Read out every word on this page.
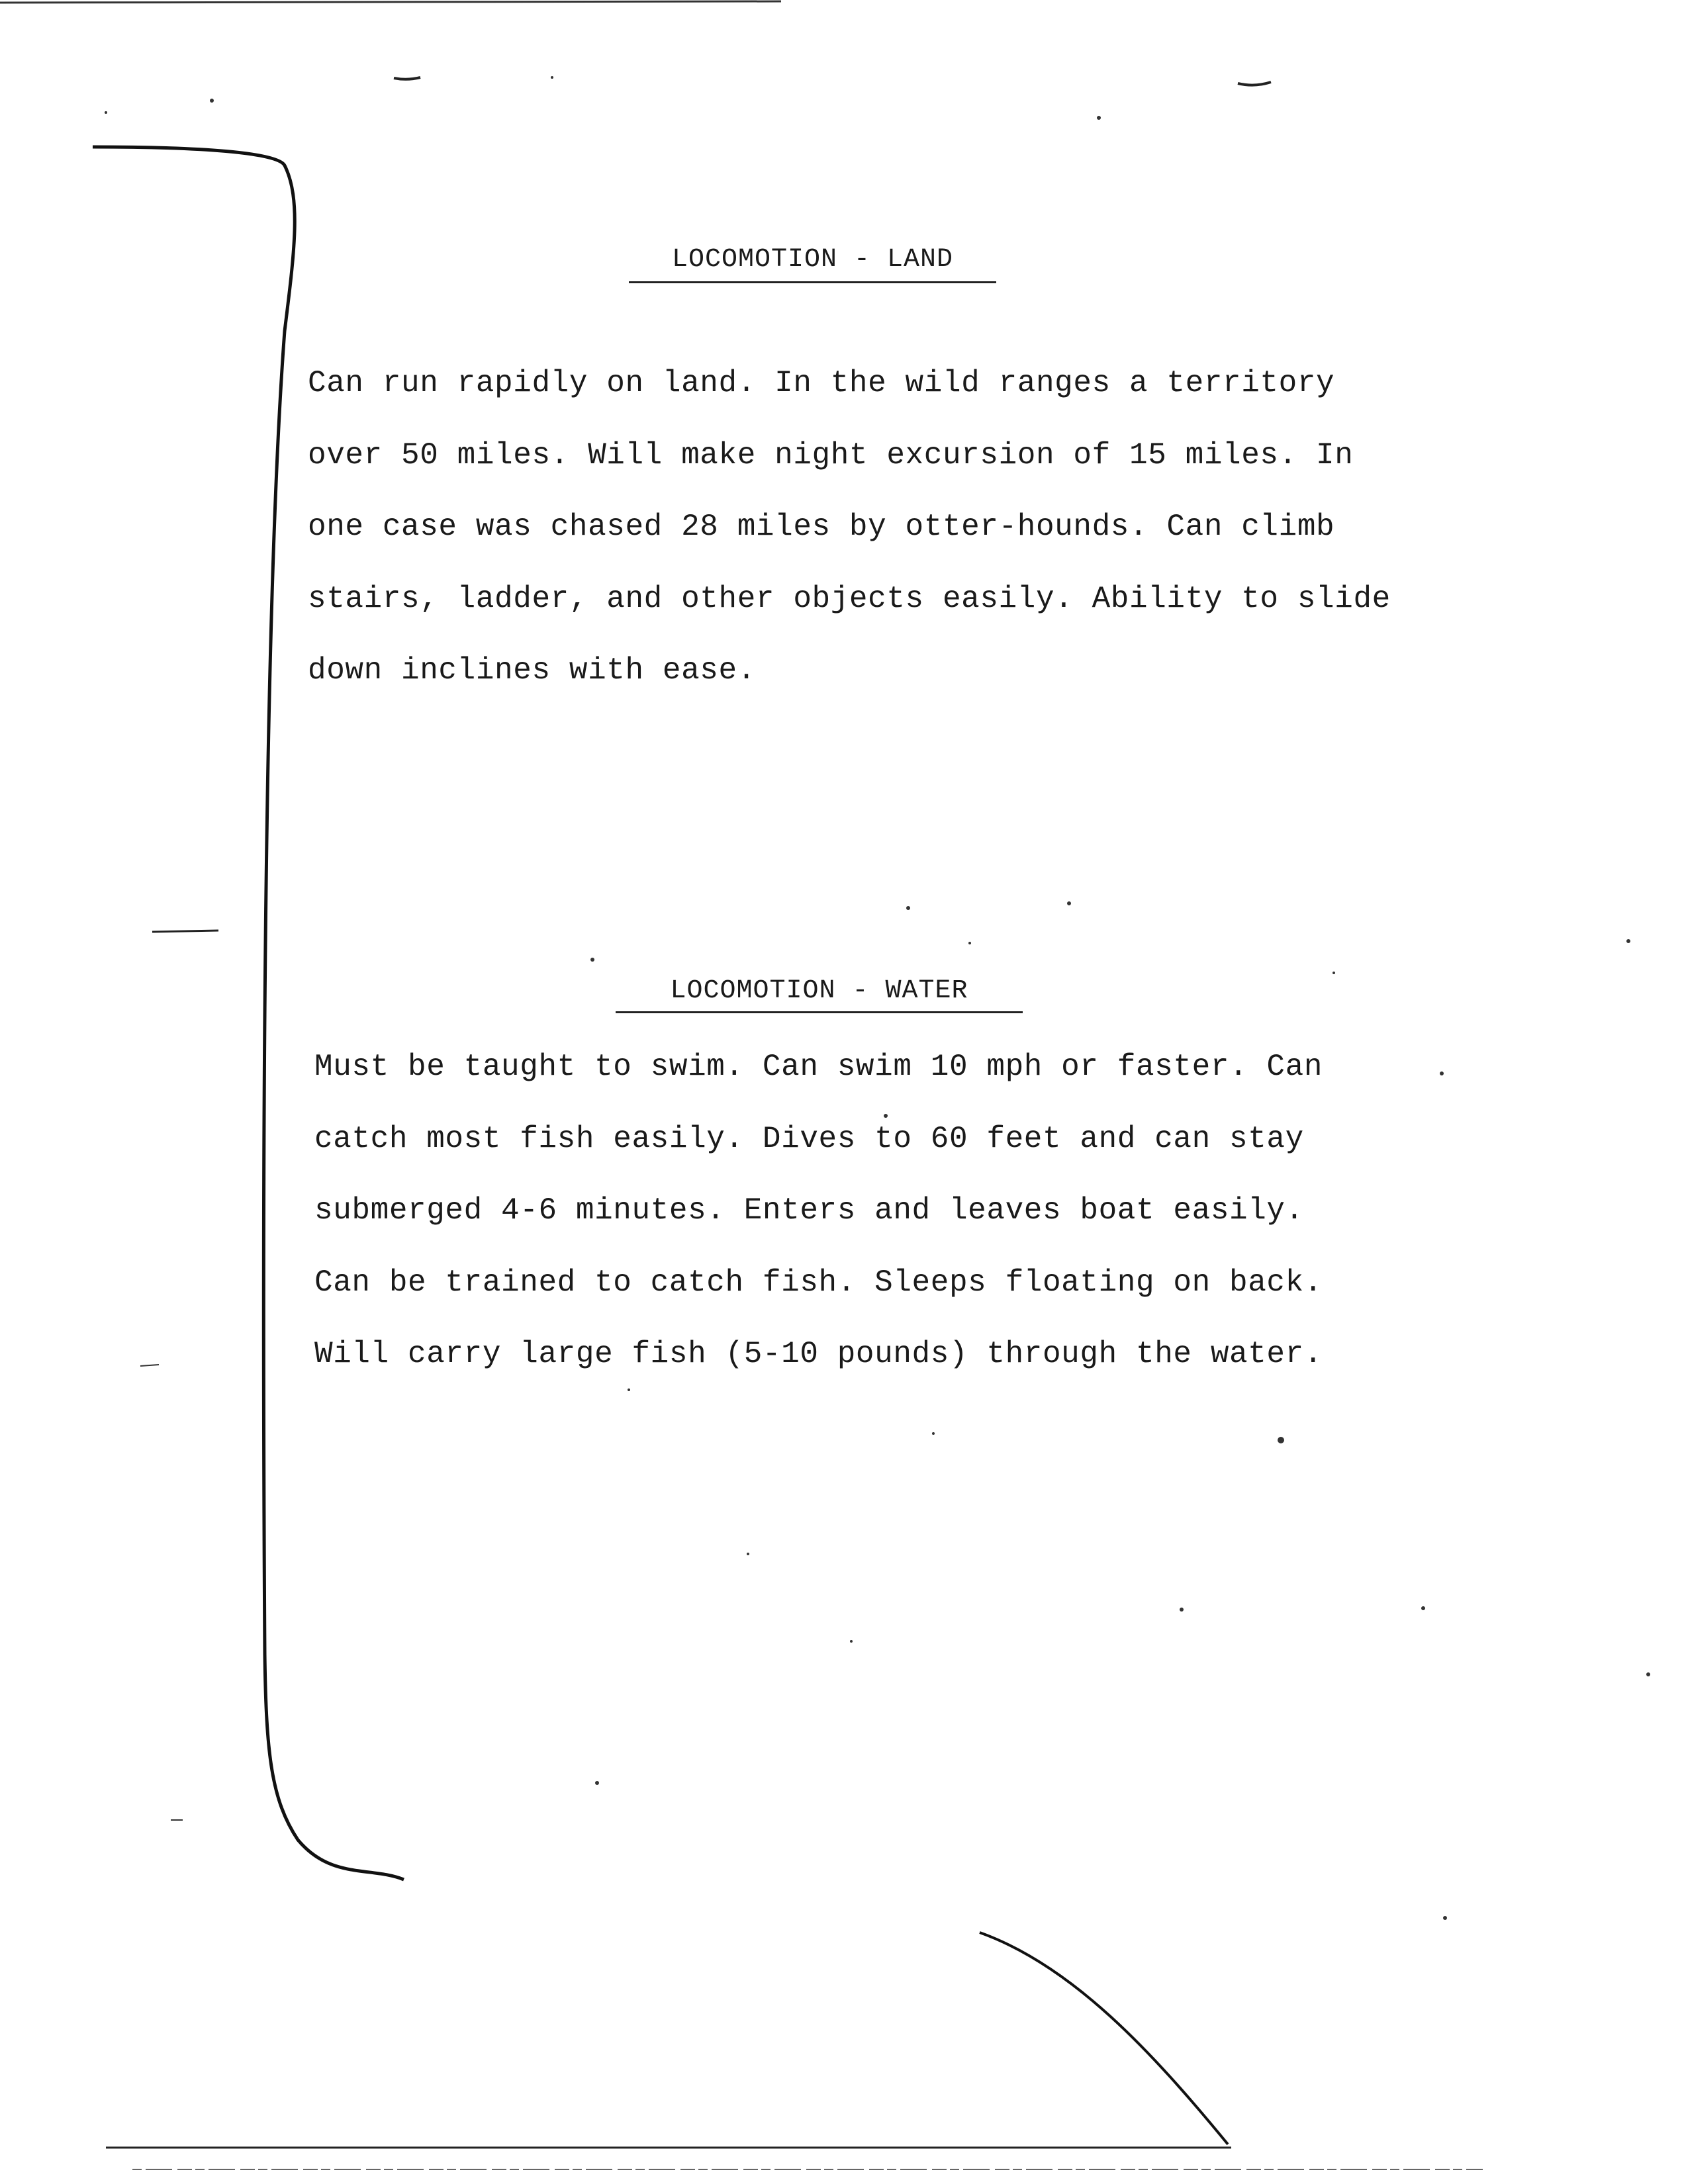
LOCOMOTION - LAND
Can run rapidly on land. In the wild ranges a territory
over 50 miles. Will make night excursion of 15 miles. In
one case was chased 28 miles by otter-hounds. Can climb
stairs, ladder, and other objects easily. Ability to slide
down inclines with ease.
LOCOMOTION - WATER
Must be taught to swim. Can swim 10 mph or faster. Can
catch most fish easily. Dives to 60 feet and can stay
submerged 4-6 minutes. Enters and leaves boat easily.
Can be trained to catch fish. Sleeps floating on back.
Will carry large fish (5-10 pounds) through the water.
